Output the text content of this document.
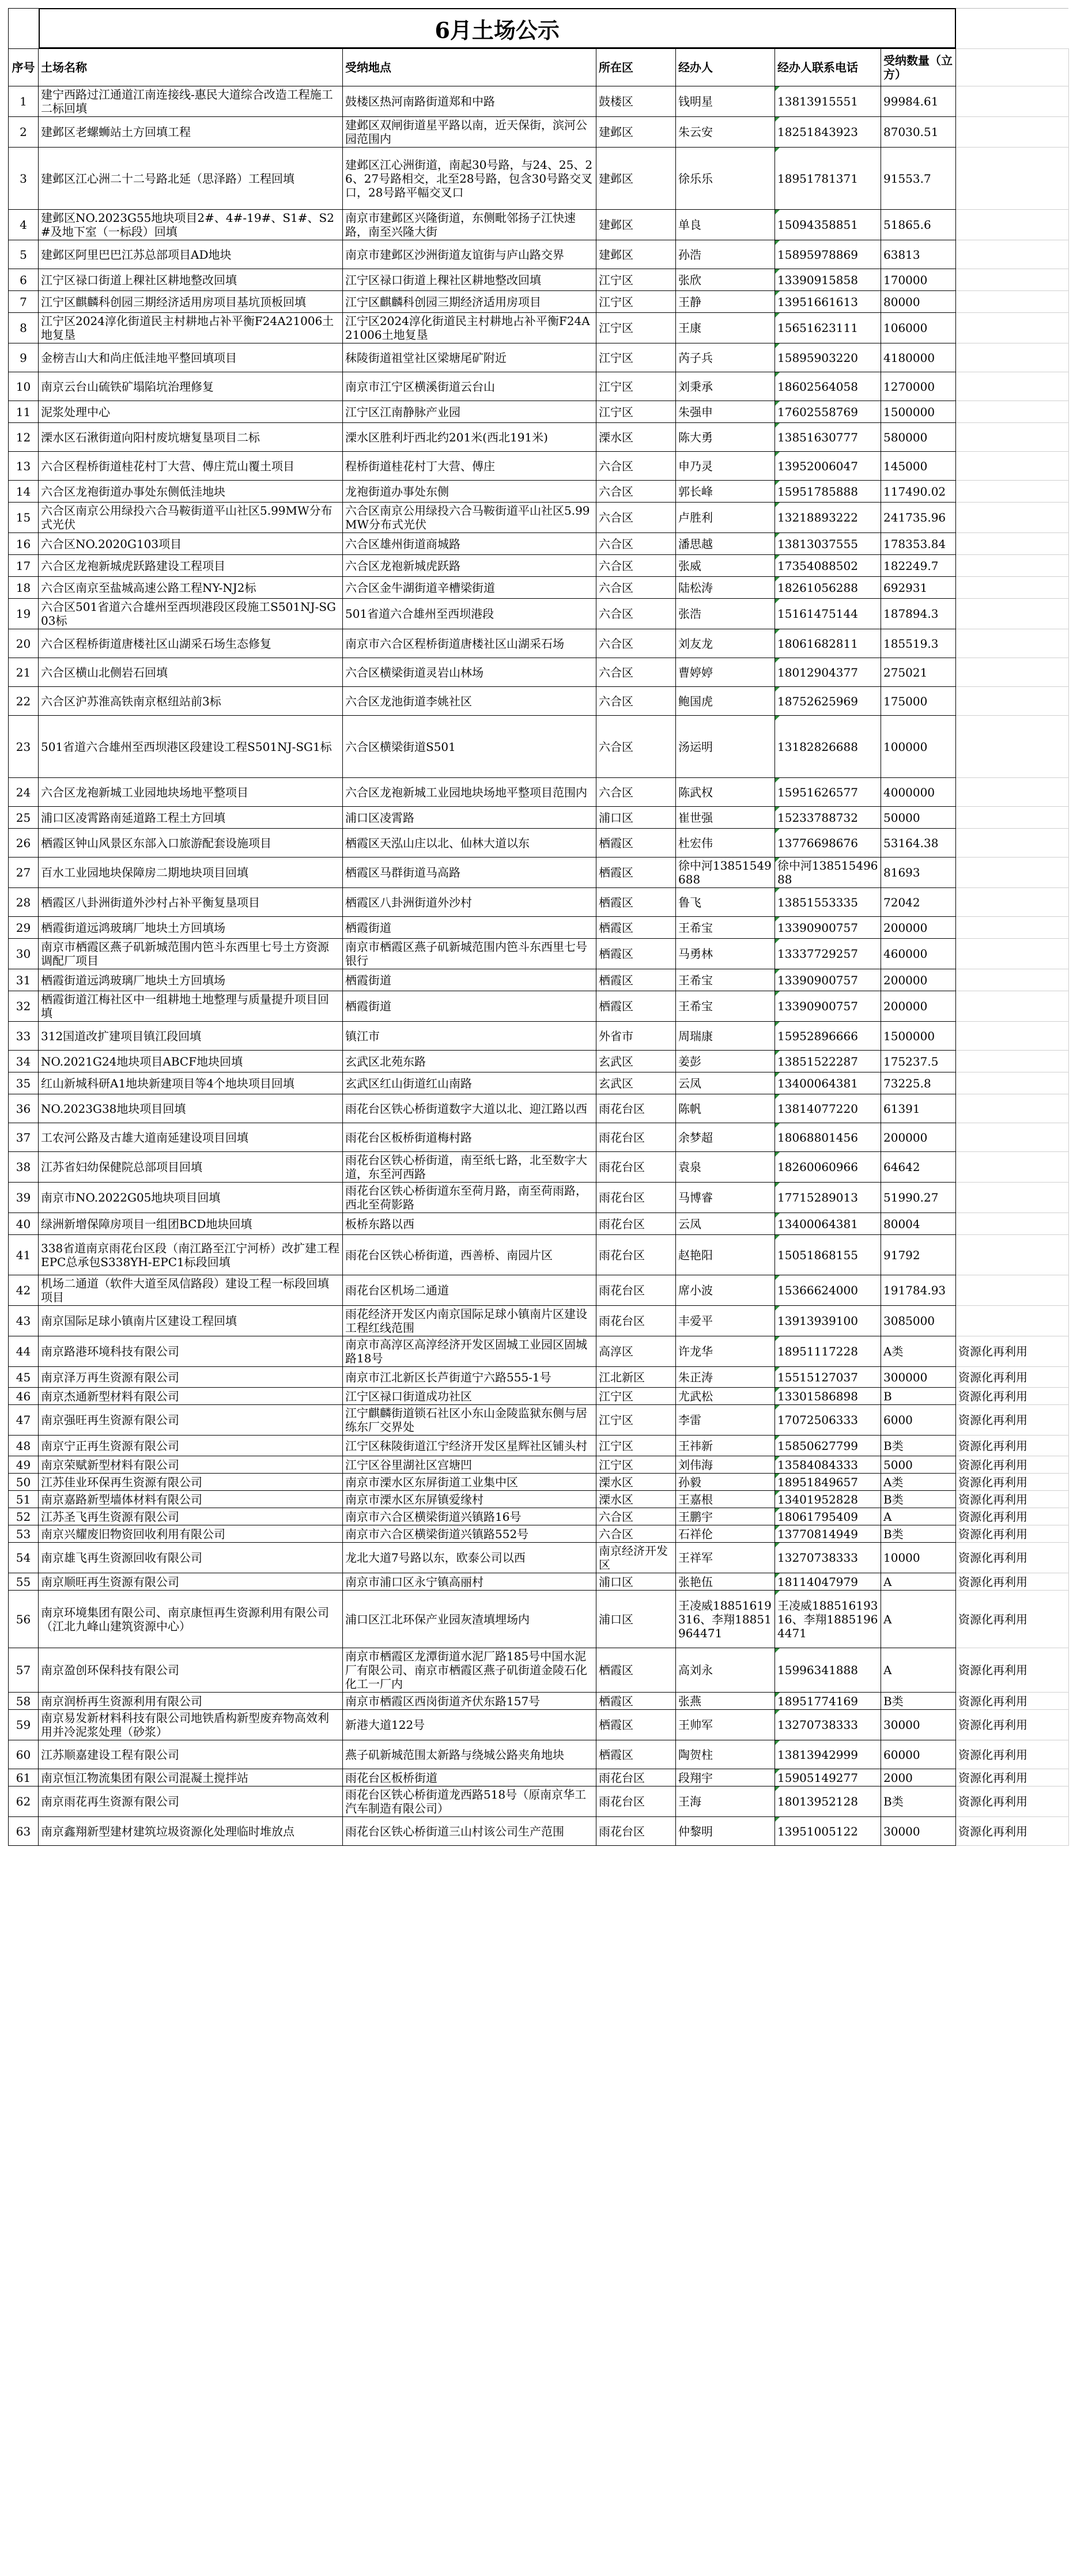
6月土场公示
序号	土场名称	受纳地点	所在区	经办人	经办人联系电话	受纳数量（立方）	
1	建宁西路过江通道江南连接线-惠民大道综合改造工程施工二标回填	鼓楼区热河南路街道郑和中路	鼓楼区	钱明星	13813915551	99984.61	
2	建邺区老螺蛳站土方回填工程	建邺区双闸街道星平路以南，近天保街，滨河公园范围内	建邺区	朱云安	18251843923	87030.51	
3	建邺区江心洲二十二号路北延（思泽路）工程回填	建邺区江心洲街道，南起30号路，与24、25、26、27号路相交，北至28号路，包含30号路交叉口，28号路平幅交叉口	建邺区	徐乐乐	18951781371	91553.7	
4	建邺区NO.2023G55地块项目2#、4#-19#、S1#、S2#及地下室（一标段）回填	南京市建邺区兴隆街道，东侧毗邻扬子江快速路，南至兴隆大街	建邺区	单良	15094358851	51865.6	
5	建邺区阿里巴巴江苏总部项目AD地块	南京市建邺区沙洲街道友谊街与庐山路交界	建邺区	孙浩	15895978869	63813	
6	江宁区禄口街道上稞社区耕地整改回填	江宁区禄口街道上稞社区耕地整改回填	江宁区	张欣	13390915858	170000	
7	江宁区麒麟科创园三期经济适用房项目基坑顶板回填	江宁区麒麟科创园三期经济适用房项目	江宁区	王静	13951661613	80000	
8	江宁区2024淳化街道民主村耕地占补平衡F24A21006土地复垦	江宁区2024淳化街道民主村耕地占补平衡F24A21006土地复垦	江宁区	王康	15651623111	106000	
9	金榜吉山大和尚庄低洼地平整回填项目	秣陵街道祖堂社区梁塘尾矿附近	江宁区	芮子兵	15895903220	4180000	
10	南京云台山硫铁矿塌陷坑治理修复	南京市江宁区横溪街道云台山	江宁区	刘秉承	18602564058	1270000	
11	泥浆处理中心	江宁区江南静脉产业园	江宁区	朱强申	17602558769	1500000	
12	溧水区石湫街道向阳村废坑塘复垦项目二标	溧水区胜利圩西北约201米(西北191米)	溧水区	陈大勇	13851630777	580000	
13	六合区程桥街道桂花村丁大营、傅庄荒山覆土项目	程桥街道桂花村丁大营、傅庄	六合区	申乃灵	13952006047	145000	
14	六合区龙袍街道办事处东侧低洼地块	龙袍街道办事处东侧	六合区	郭长峰	15951785888	117490.02	
15	六合区南京公用绿投六合马鞍街道平山社区5.99MW分布式光伏	六合区南京公用绿投六合马鞍街道平山社区5.99MW分布式光伏	六合区	卢胜利	13218893222	241735.96	
16	六合区NO.2020G103项目	六合区雄州街道商城路	六合区	潘思越	13813037555	178353.84	
17	六合区龙袍新城虎跃路建设工程项目	六合区龙袍新城虎跃路	六合区	张威	17354088502	182249.7	
18	六合区南京至盐城高速公路工程NY-NJ2标	六合区金牛湖街道辛槽梁街道	六合区	陆松涛	18261056288	692931	
19	六合区501省道六合雄州至西坝港段区段施工S501NJ-SG03标	501省道六合雄州至西坝港段	六合区	张浩	15161475144	187894.3	
20	六合区程桥街道唐楼社区山湖采石场生态修复	南京市六合区程桥街道唐楼社区山湖采石场	六合区	刘友龙	18061682811	185519.3	
21	六合区横山北侧岩石回填	六合区横梁街道灵岩山林场	六合区	曹婷婷	18012904377	275021	
22	六合区沪苏淮高铁南京枢纽站前3标	六合区龙池街道李姚社区	六合区	鲍国虎	18752625969	175000	
23	501省道六合雄州至西坝港区段建设工程S501NJ-SG1标	六合区横梁街道S501	六合区	汤运明	13182826688	100000	
24	六合区龙袍新城工业园地块场地平整项目	六合区龙袍新城工业园地块场地平整项目范围内	六合区	陈武权	15951626577	4000000	
25	浦口区凌霄路南延道路工程土方回填	浦口区凌霄路	浦口区	崔世强	15233788732	50000	
26	栖霞区钟山风景区东部入口旅游配套设施项目	栖霞区天泓山庄以北、仙林大道以东	栖霞区	杜宏伟	13776698676	53164.38	
27	百水工业园地块保障房二期地块项目回填	栖霞区马群街道马高路	栖霞区	徐中河13851549688	徐中河13851549688	81693	
28	栖霞区八卦洲街道外沙村占补平衡复垦项目	栖霞区八卦洲街道外沙村	栖霞区	鲁飞	13851553335	72042	
29	栖霞街道远鸿玻璃厂地块土方回填场	栖霞街道	栖霞区	王希宝	13390900757	200000	
30	南京市栖霞区燕子矶新城范围内笆斗东西里七号土方资源调配厂项目	南京市栖霞区燕子矶新城范围内笆斗东西里七号银行	栖霞区	马勇林	13337729257	460000	
31	栖霞街道远鸿玻璃厂地块土方回填场	栖霞街道	栖霞区	王希宝	13390900757	200000	
32	栖霞街道江梅社区中一组耕地土地整理与质量提升项目回填	栖霞街道	栖霞区	王希宝	13390900757	200000	
33	312国道改扩建项目镇江段回填	镇江市	外省市	周瑞康	15952896666	1500000	
34	NO.2021G24地块项目ABCF地块回填	玄武区北苑东路	玄武区	姜彭	13851522287	175237.5	
35	红山新城科研A1地块新建项目等4个地块项目回填	玄武区红山街道红山南路	玄武区	云凤	13400064381	73225.8	
36	NO.2023G38地块项目回填	雨花台区铁心桥街道数字大道以北、迎江路以西	雨花台区	陈帆	13814077220	61391	
37	工农河公路及古雄大道南延建设项目回填	雨花台区板桥街道梅村路	雨花台区	余梦超	18068801456	200000	
38	江苏省妇幼保健院总部项目回填	雨花台区铁心桥街道，南至纸七路，北至数字大道，东至河西路	雨花台区	袁泉	18260060966	64642	
39	南京市NO.2022G05地块项目回填	雨花台区铁心桥街道东至荷月路，南至荷雨路，西北至荷影路	雨花台区	马博睿	17715289013	51990.27	
40	绿洲新增保障房项目一组团BCD地块回填	板桥东路以西	雨花台区	云凤	13400064381	80004	
41	338省道南京雨花台区段（南江路至江宁河桥）改扩建工程EPC总承包S338YH-EPC1标段回填	雨花台区铁心桥街道，西善桥、南园片区	雨花台区	赵艳阳	15051868155	91792	
42	机场二通道（软件大道至凤信路段）建设工程一标段回填项目	雨花台区机场二通道	雨花台区	席小波	15366624000	191784.93	
43	南京国际足球小镇南片区建设工程回填	雨花经济开发区内南京国际足球小镇南片区建设工程红线范围	雨花台区	丰爱平	13913939100	3085000	
44	南京路港环境科技有限公司	南京市高淳区高淳经济开发区固城工业园区固城路18号	高淳区	许龙华	18951117228	A类	资源化再利用
45	南京泽万再生资源有限公司	南京市江北新区长芦街道宁六路555-1号	江北新区	朱正涛	15515127037	300000	资源化再利用
46	南京杰通新型材料有限公司	江宁区禄口街道成功社区	江宁区	尤武松	13301586898	B	资源化再利用
47	南京强旺再生资源有限公司	江宁麒麟街道锁石社区小东山金陵监狱东侧与居练东厂交界处	江宁区	李雷	17072506333	6000	资源化再利用
48	南京宁正再生资源有限公司	江宁区秣陵街道江宁经济开发区星辉社区铺头村	江宁区	王祎新	15850627799	B类	资源化再利用
49	南京荣赋新型材料有限公司	江宁区谷里湖社区宫塘凹	江宁区	刘伟海	13584084333	5000	资源化再利用
50	江苏佳业环保再生资源有限公司	南京市溧水区东屏街道工业集中区	溧水区	孙毅	18951849657	A类	资源化再利用
51	南京嘉路新型墙体材料有限公司	南京市溧水区东屏镇爱缘村	溧水区	王嘉根	13401952828	B类	资源化再利用
52	江苏圣飞再生资源有限公司	南京市六合区横梁街道兴镇路16号	六合区	王鹏宇	18061795409	A	资源化再利用
53	南京兴耀废旧物资回收利用有限公司	南京市六合区横梁街道兴镇路552号	六合区	石祥伦	13770814949	B类	资源化再利用
54	南京雄飞再生资源回收有限公司	龙北大道7号路以东，欧泰公司以西	南京经济开发区	王祥军	13270738333	10000	资源化再利用
55	南京顺旺再生资源有限公司	南京市浦口区永宁镇高丽村	浦口区	张艳伍	18114047979	A	资源化再利用
56	南京环境集团有限公司、南京康恒再生资源利用有限公司（江北九峰山建筑资源中心）	浦口区江北环保产业园灰渣填埋场内	浦口区	王凌威18851619316、李翔18851964471	王凌威18851619316、李翔18851964471	A	资源化再利用
57	南京盈创环保科技有限公司	南京市栖霞区龙潭街道水泥厂路185号中国水泥厂有限公司、南京市栖霞区燕子矶街道金陵石化化工一厂内	栖霞区	高刘永	15996341888	A	资源化再利用
58	南京润桥再生资源利用有限公司	南京市栖霞区西岗街道齐伏东路157号	栖霞区	张燕	18951774169	B类	资源化再利用
59	南京易发新材料科技有限公司地铁盾构新型废弃物高效利用并冷泥浆处理（砂浆）	新港大道122号	栖霞区	王帅军	13270738333	30000	资源化再利用
60	江苏顺嘉建设工程有限公司	燕子矶新城范围太新路与绕城公路夹角地块	栖霞区	陶贺柱	13813942999	60000	资源化再利用
61	南京恒江物流集团有限公司混凝土搅拌站	雨花台区板桥街道	雨花台区	段翔宇	15905149277	2000	资源化再利用
62	南京雨花再生资源有限公司	雨花台区铁心桥街道龙西路518号（原南京华工汽车制造有限公司）	雨花台区	王海	18013952128	B类	资源化再利用
63	南京鑫翔新型建材建筑垃圾资源化处理临时堆放点	雨花台区铁心桥街道三山村该公司生产范围	雨花台区	仲黎明	13951005122	30000	资源化再利用
